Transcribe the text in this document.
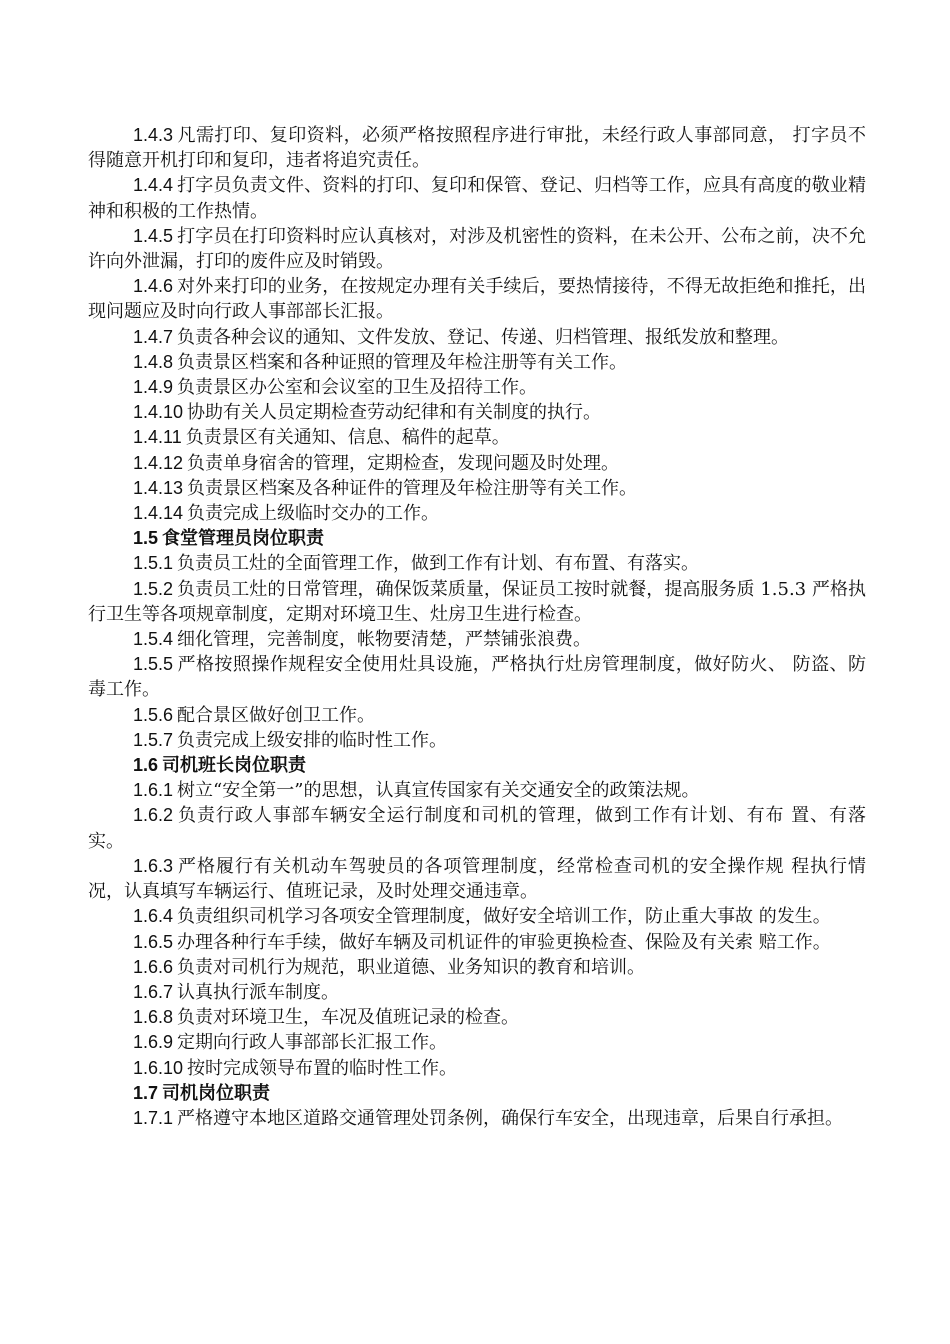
1.4.3 凡需打印、复印资料，必须严格按照程序进行审批，未经行政人事部同意， 打字员不得随意开机打印和复印，违者将追究责任。

1.4.4 打字员负责文件、资料的打印、复印和保管、登记、归档等工作，应具有高度的敬业精神和积极的工作热情。

1.4.5 打字员在打印资料时应认真核对，对涉及机密性的资料，在未公开、公布之前，决不允许向外泄漏，打印的废件应及时销毁。

1.4.6 对外来打印的业务，在按规定办理有关手续后，要热情接待，不得无故拒绝和推托，出现问题应及时向行政人事部部长汇报。

1.4.7 负责各种会议的通知、文件发放、登记、传递、归档管理、报纸发放和整理。

1.4.8 负责景区档案和各种证照的管理及年检注册等有关工作。

1.4.9 负责景区办公室和会议室的卫生及招待工作。

1.4.10 协助有关人员定期检查劳动纪律和有关制度的执行。

1.4.11 负责景区有关通知、信息、稿件的起草。

1.4.12 负责单身宿舍的管理，定期检查，发现问题及时处理。

1.4.13 负责景区档案及各种证件的管理及年检注册等有关工作。

1.4.14 负责完成上级临时交办的工作。

1.5 食堂管理员岗位职责

1.5.1 负责员工灶的全面管理工作，做到工作有计划、有布置、有落实。

1.5.2 负责员工灶的日常管理，确保饭菜质量，保证员工按时就餐，提高服务质 1.5.3 严格执行卫生等各项规章制度，定期对环境卫生、灶房卫生进行检查。

1.5.4 细化管理，完善制度，帐物要清楚，严禁铺张浪费。

1.5.5 严格按照操作规程安全使用灶具设施，严格执行灶房管理制度，做好防火、 防盗、防毒工作。

1.5.6 配合景区做好创卫工作。

1.5.7 负责完成上级安排的临时性工作。

1.6 司机班长岗位职责

1.6.1 树立“安全第一”的思想，认真宣传国家有关交通安全的政策法规。

1.6.2 负责行政人事部车辆安全运行制度和司机的管理，做到工作有计划、有布 置、有落实。

1.6.3 严格履行有关机动车驾驶员的各项管理制度，经常检查司机的安全操作规 程执行情况，认真填写车辆运行、值班记录，及时处理交通违章。

1.6.4 负责组织司机学习各项安全管理制度，做好安全培训工作，防止重大事故 的发生。

1.6.5 办理各种行车手续，做好车辆及司机证件的审验更换检查、保险及有关索 赔工作。

1.6.6 负责对司机行为规范，职业道德、业务知识的教育和培训。

1.6.7 认真执行派车制度。

1.6.8 负责对环境卫生，车况及值班记录的检查。

1.6.9 定期向行政人事部部长汇报工作。

1.6.10 按时完成领导布置的临时性工作。

1.7 司机岗位职责

1.7.1 严格遵守本地区道路交通管理处罚条例，确保行车安全，出现违章，后果自行承担。
